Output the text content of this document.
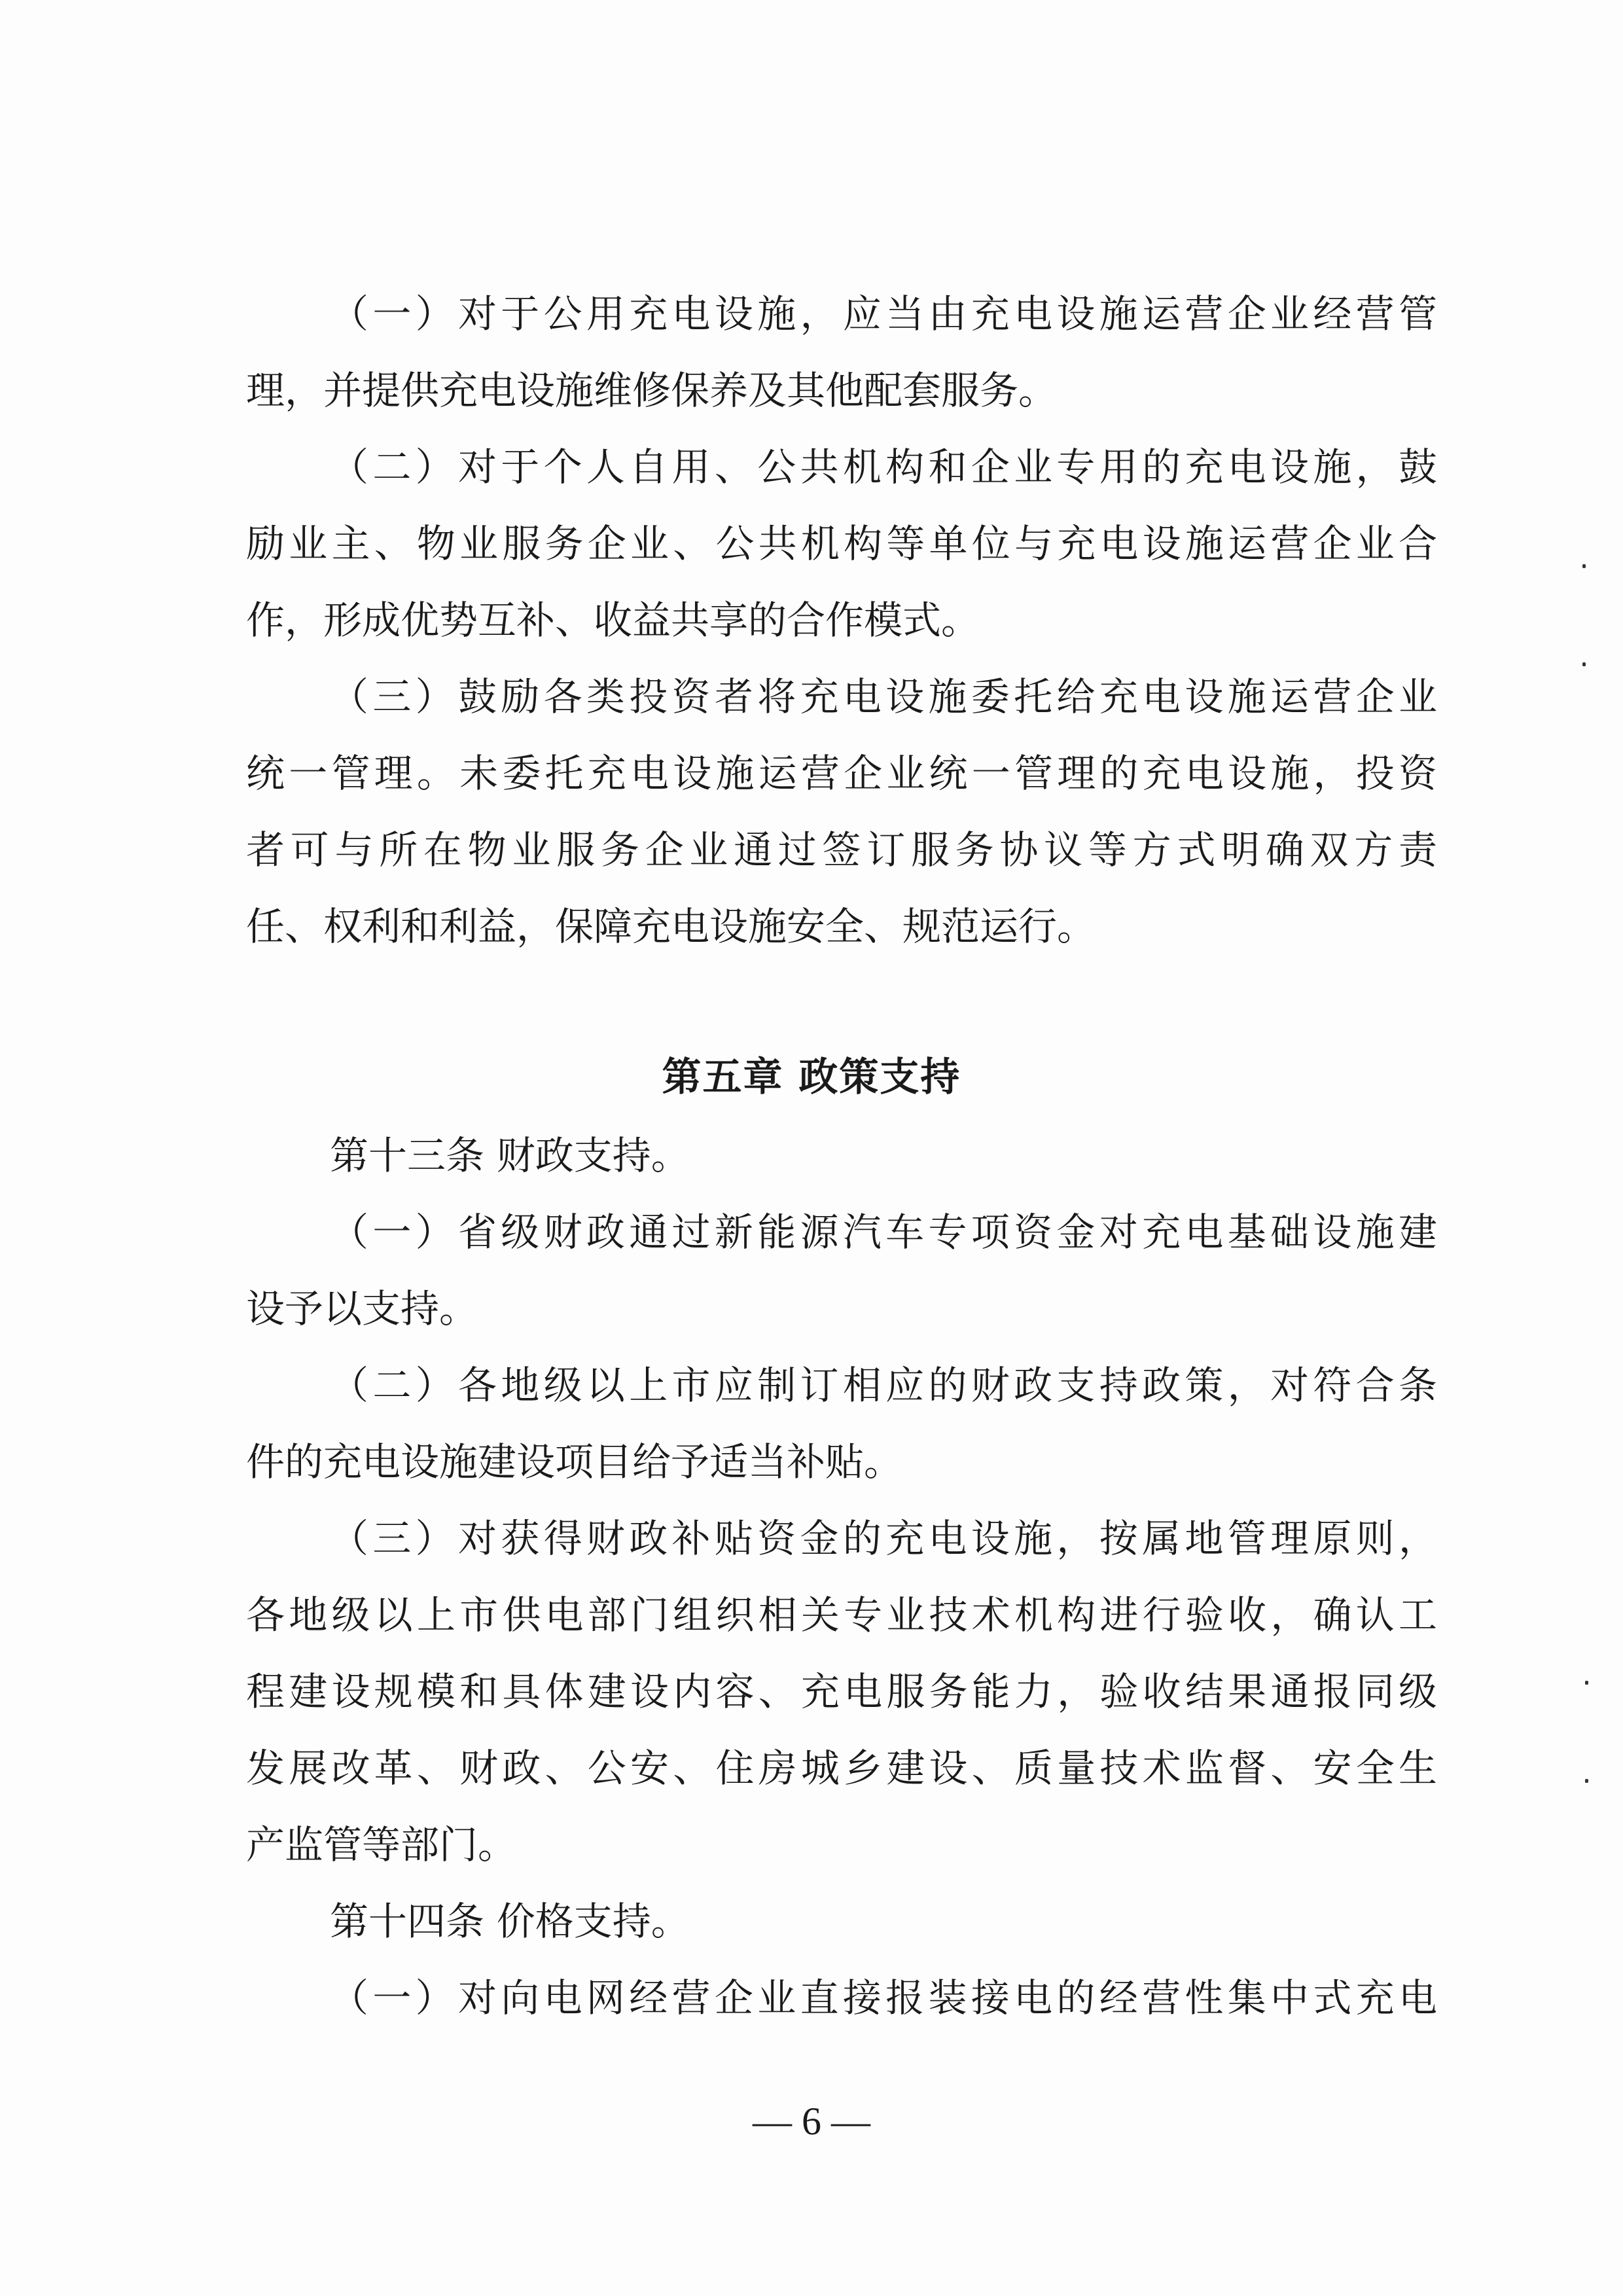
（一）对于公用充电设施，应当由充电设施运营企业经营管
理，并提供充电设施维修保养及其他配套服务。
（二）对于个人自用、公共机构和企业专用的充电设施，鼓
励业主、物业服务企业、公共机构等单位与充电设施运营企业合
作，形成优势互补、收益共享的合作模式。
（三）鼓励各类投资者将充电设施委托给充电设施运营企业
统一管理。未委托充电设施运营企业统一管理的充电设施，投资
者可与所在物业服务企业通过签订服务协议等方式明确双方责
任、权利和利益，保障充电设施安全、规范运行。
第五章 政策支持
第十三条 财政支持。
（一）省级财政通过新能源汽车专项资金对充电基础设施建
设予以支持。
（二）各地级以上市应制订相应的财政支持政策，对符合条
件的充电设施建设项目给予适当补贴。
（三）对获得财政补贴资金的充电设施，按属地管理原则，
各地级以上市供电部门组织相关专业技术机构进行验收，确认工
程建设规模和具体建设内容、充电服务能力，验收结果通报同级
发展改革、财政、公安、住房城乡建设、质量技术监督、安全生
产监管等部门。
第十四条 价格支持。
（一）对向电网经营企业直接报装接电的经营性集中式充电
— 6 —
